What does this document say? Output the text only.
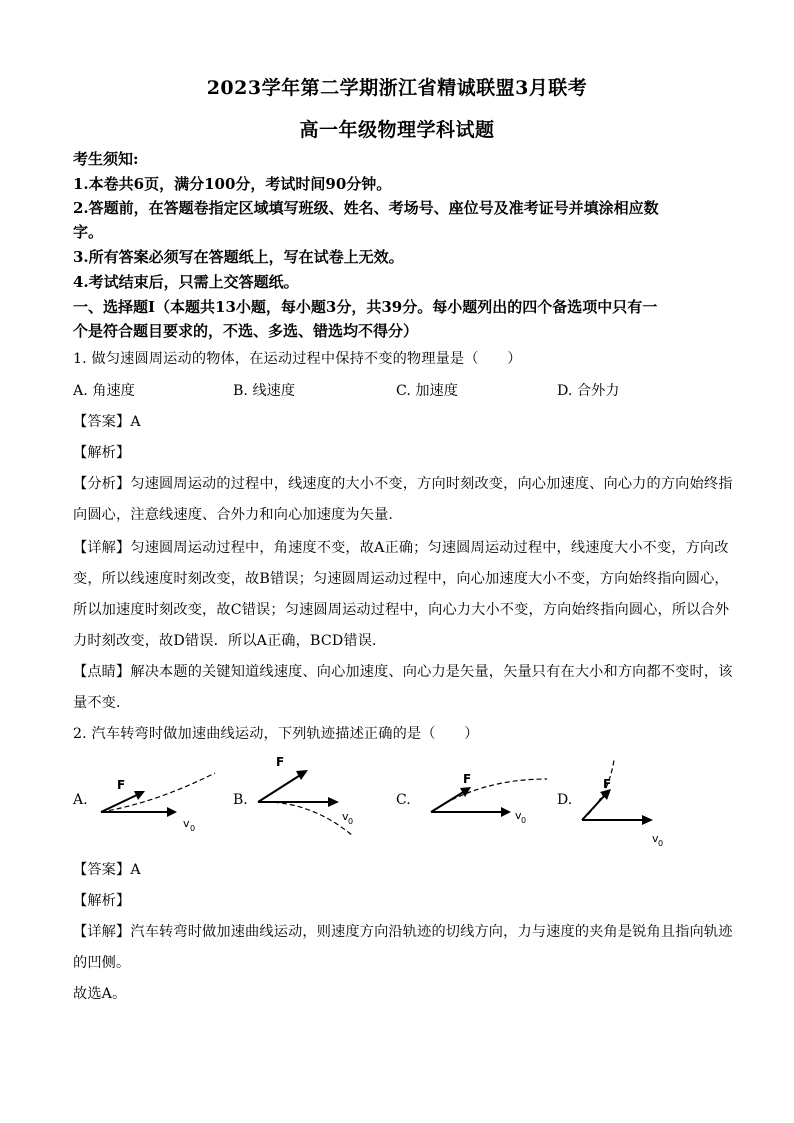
2023学年第二学期浙江省精诚联盟3月联考
高一年级物理学科试题
考生须知:
1.本卷共6页，满分100分，考试时间90分钟。
2.答题前，在答题卷指定区域填写班级、姓名、考场号、座位号及准考证号并填涂相应数
字。
3.所有答案必须写在答题纸上，写在试卷上无效。
4.考试结束后，只需上交答题纸。
一、选择题Ⅰ（本题共13小题，每小题3分，共39分。每小题列出的四个备选项中只有一
个是符合题目要求的，不选、多选、错选均不得分）
1. 做匀速圆周运动的物体，在运动过程中保持不变的物理量是（　　）
A. 角速度	B. 线速度	C. 加速度	D. 合外力
【答案】A
【解析】
【分析】匀速圆周运动的过程中，线速度的大小不变，方向时刻改变，向心加速度、向心力的方向始终指
向圆心，注意线速度、合外力和向心加速度为矢量.
【详解】匀速圆周运动过程中，角速度不变，故A正确；匀速圆周运动过程中，线速度大小不变，方向改
变，所以线速度时刻改变，故B错误；匀速圆周运动过程中，向心加速度大小不变，方向始终指向圆心，
所以加速度时刻改变，故C错误；匀速圆周运动过程中，向心力大小不变，方向始终指向圆心，所以合外
力时刻改变，故D错误．所以A正确，BCD错误．
【点睛】解决本题的关键知道线速度、向心加速度、向心力是矢量，矢量只有在大小和方向都不变时，该
量不变.
2. 汽车转弯时做加速曲线运动，下列轨迹描述正确的是（　　）
A.
F
v 0
B.
F
v 0
C.
F
v 0
D.
F
v 0
【答案】A
【解析】
【详解】汽车转弯时做加速曲线运动，则速度方向沿轨迹的切线方向，力与速度的夹角是锐角且指向轨迹
的凹侧。
故选A。
